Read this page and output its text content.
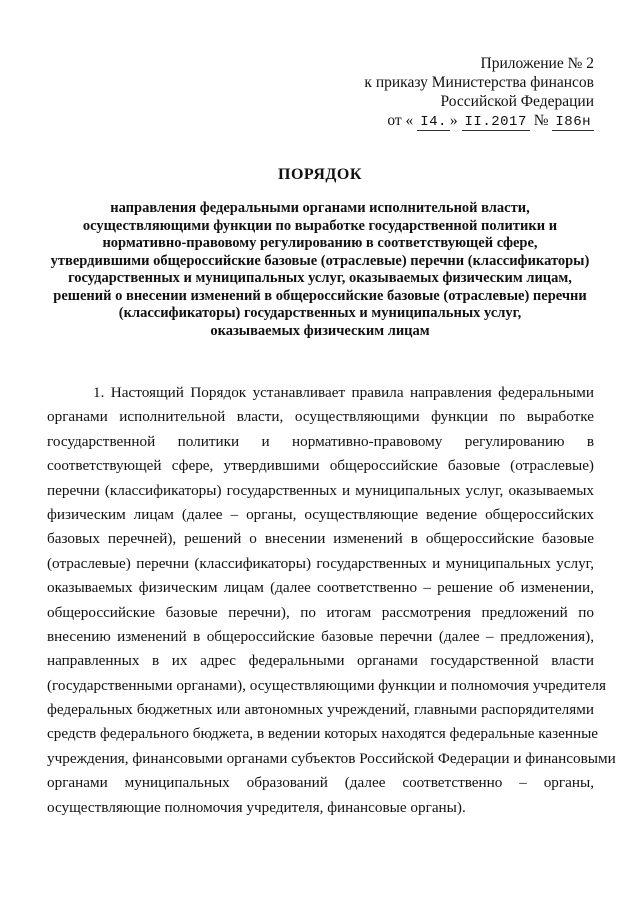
Приложение № 2
к приказу Министерства финансов
Российской Федерации
от « I4. » II.2017 № I86н
ПОРЯДОК
направления федеральными органами исполнительной власти,
осуществляющими функции по выработке государственной политики и
нормативно-правовому регулированию в соответствующей сфере,
утвердившими общероссийские базовые (отраслевые) перечни (классификаторы)
государственных и муниципальных услуг, оказываемых физическим лицам,
решений о внесении изменений в общероссийские базовые (отраслевые) перечни
(классификаторы) государственных и муниципальных услуг,
оказываемых физическим лицам
1. Настоящий Порядок устанавливает правила направления федеральными
органами исполнительной власти, осуществляющими функции по выработке
государственной политики и нормативно-правовому регулированию в
соответствующей сфере, утвердившими общероссийские базовые (отраслевые)
перечни (классификаторы) государственных и муниципальных услуг, оказываемых
физическим лицам (далее – органы, осуществляющие ведение общероссийских
базовых перечней), решений о внесении изменений в общероссийские базовые
(отраслевые) перечни (классификаторы) государственных и муниципальных услуг,
оказываемых физическим лицам (далее соответственно – решение об изменении,
общероссийские базовые перечни), по итогам рассмотрения предложений по
внесению изменений в общероссийские базовые перечни (далее – предложения),
направленных в их адрес федеральными органами государственной власти
(государственными органами), осуществляющими функции и полномочия учредителя
федеральных бюджетных или автономных учреждений, главными распорядителями
средств федерального бюджета, в ведении которых находятся федеральные казенные
учреждения, финансовыми органами субъектов Российской Федерации и финансовыми
органами муниципальных образований (далее соответственно – органы,
осуществляющие полномочия учредителя, финансовые органы).
